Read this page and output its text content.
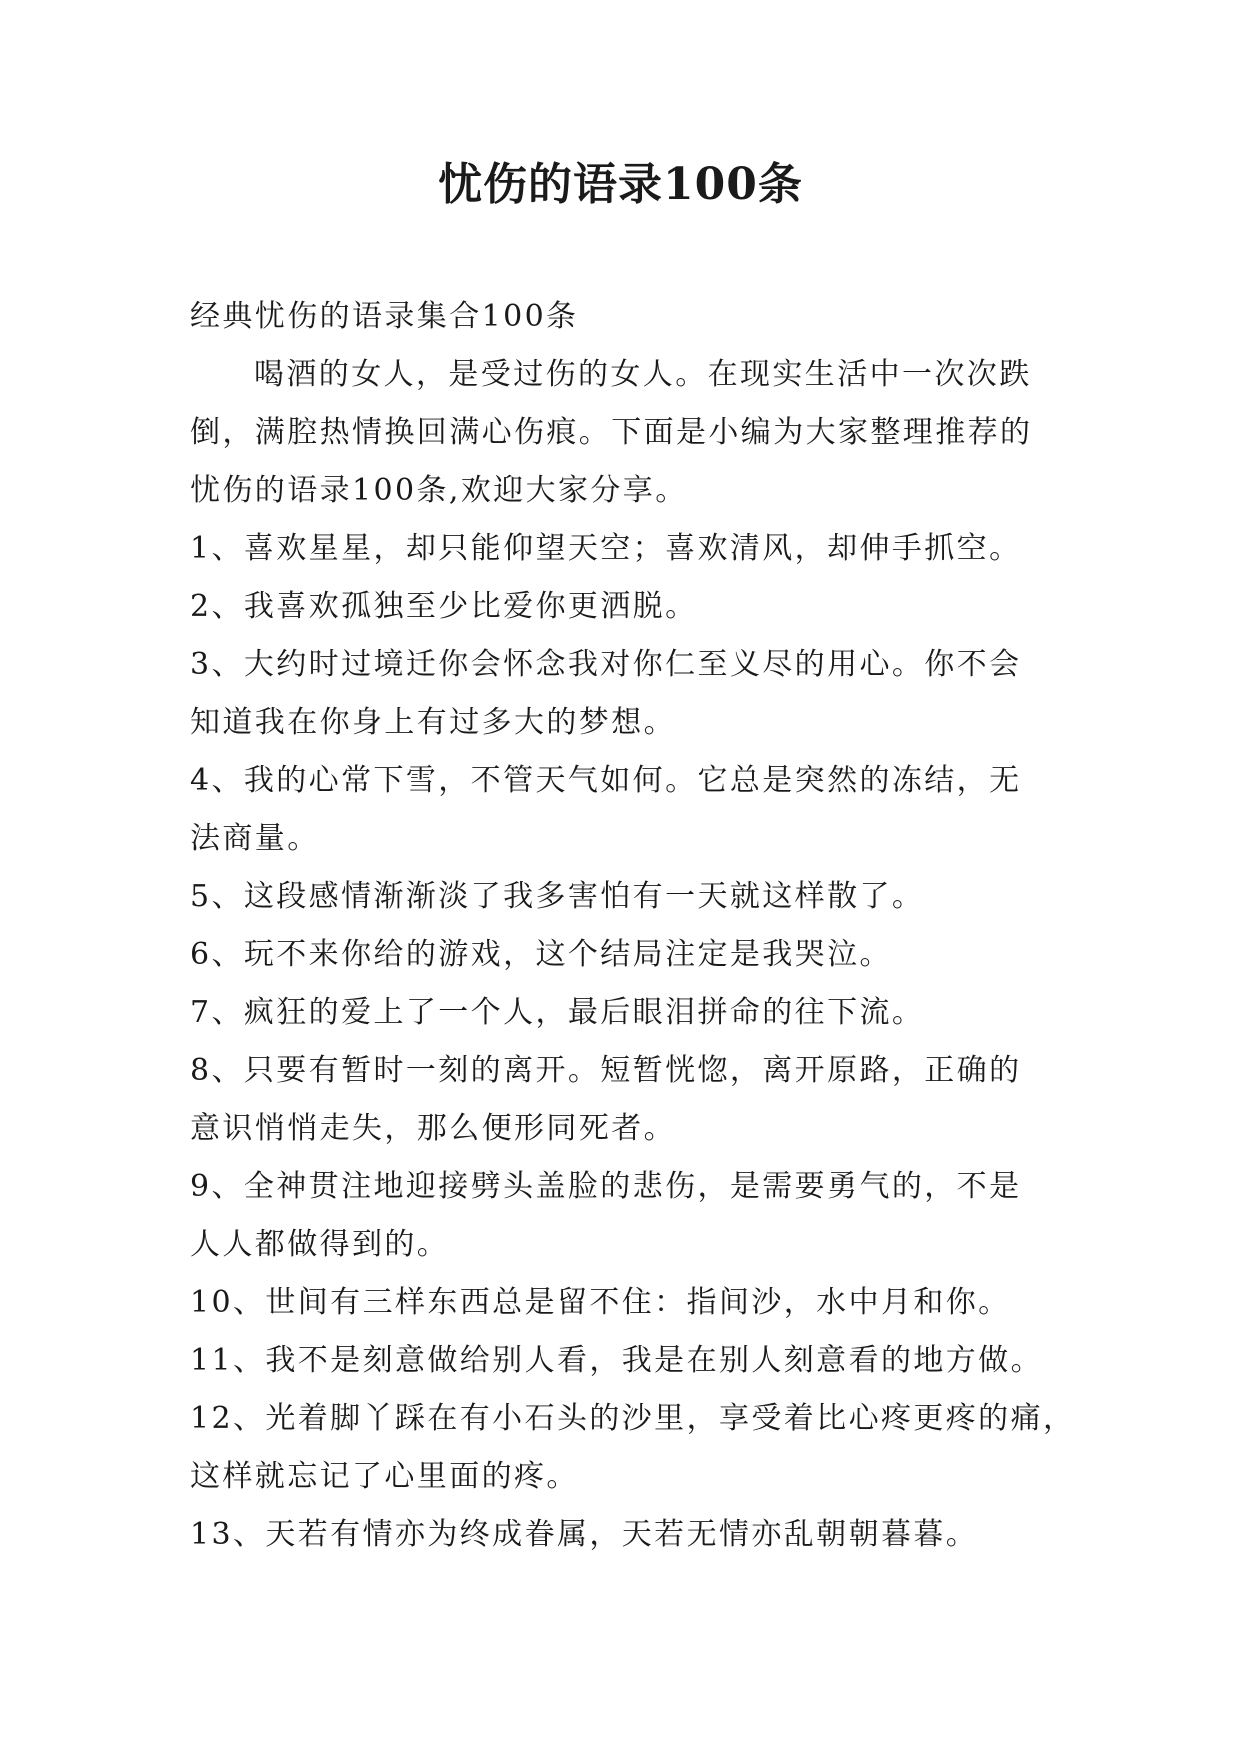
忧伤的语录100条

经典忧伤的语录集合100条

喝酒的女人，是受过伤的女人。在现实生活中一次次跌

倒，满腔热情换回满心伤痕。下面是小编为大家整理推荐的

忧伤的语录100条,欢迎大家分享。

1、喜欢星星，却只能仰望天空；喜欢清风，却伸手抓空。

2、我喜欢孤独至少比爱你更洒脱。

3、大约时过境迁你会怀念我对你仁至义尽的用心。你不会

知道我在你身上有过多大的梦想。

4、我的心常下雪，不管天气如何。它总是突然的冻结，无

法商量。

5、这段感情渐渐淡了我多害怕有一天就这样散了。

6、玩不来你给的游戏，这个结局注定是我哭泣。

7、疯狂的爱上了一个人，最后眼泪拼命的往下流。

8、只要有暂时一刻的离开。短暂恍惚，离开原路，正确的

意识悄悄走失，那么便形同死者。

9、全神贯注地迎接劈头盖脸的悲伤，是需要勇气的，不是

人人都做得到的。

10、世间有三样东西总是留不住：指间沙，水中月和你。

11、我不是刻意做给别人看，我是在别人刻意看的地方做。

12、光着脚丫踩在有小石头的沙里，享受着比心疼更疼的痛，

这样就忘记了心里面的疼。

13、天若有情亦为终成眷属，天若无情亦乱朝朝暮暮。
